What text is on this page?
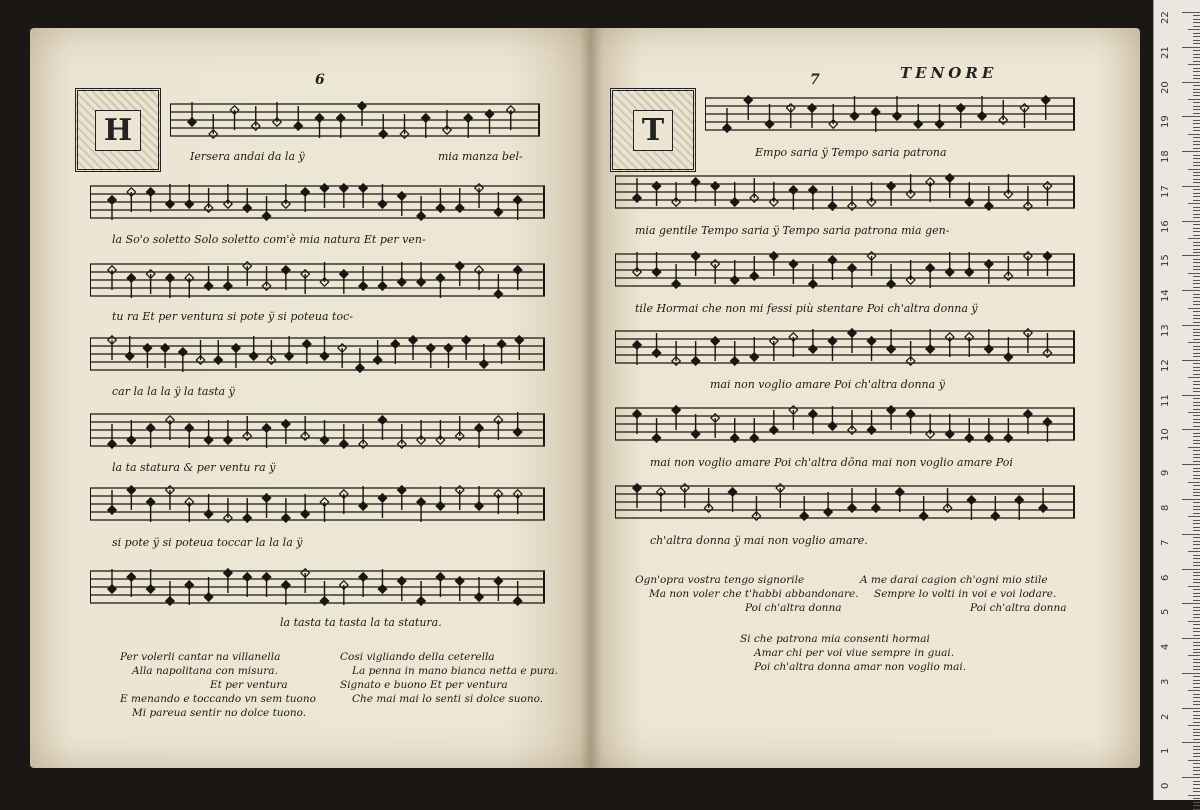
6
H
Iersera andai da la ÿ	mia manza bel-
la So'o soletto Solo soletto com'è mia natura Et per ven-
tu ra Et per ventura si pote ÿ si poteua toc-
car la la la ÿ la tasta ÿ
la ta statura & per ventu ra ÿ
si pote ÿ si poteua toccar la la la ÿ
la tasta ta tasta la ta statura.
Per volerli cantar na villanella
Alla napolitana con misura.
Et per ventura
E menando e toccando vn sem tuono
Mi pareua sentir no dolce tuono.
Cosi vigliando della ceterella
La penna in mano bianca netta e pura.
Signato e buono Et per ventura
Che mai mai lo senti si dolce suono.
7	TENORE
T
Empo saria ÿ Tempo saria patrona
mia gentile Tempo saria ÿ Tempo saria patrona mia gen-
tile Hormai che non mi fessi più stentare Poi ch'altra donna ÿ
mai non voglio amare Poi ch'altra donna ÿ
mai non voglio amare Poi ch'altra dōna mai non voglio amare Poi
ch'altra donna ÿ mai non voglio amare.
Ogn'opra vostra tengo signorile
Ma non voler che t'habbi abbandonare.
Poi ch'altra donna
A me darai cagion ch'ogni mio stile
Sempre lo volti in voi e voi lodare.
Poi ch'altra donna
Si che patrona mia consenti hormai
Amar chi per voi viue sempre in guai.
Poi ch'altra donna amar non voglio mai.
22
21
20
19
18
17
16
15
14
13
12
11
10
9
8
7
6
5
4
3
2
1
0
